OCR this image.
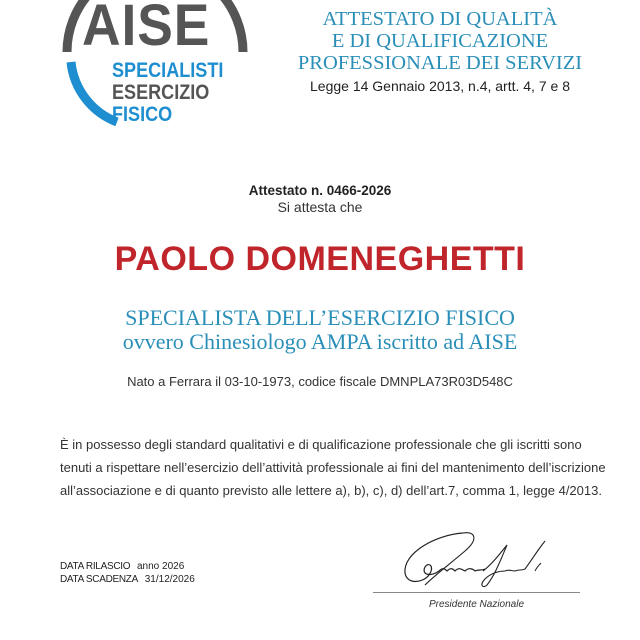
AISE
SPECIALISTI
ESERCIZIO
FISICO
ATTESTATO DI QUALITÀ
E DI QUALIFICAZIONE
PROFESSIONALE DEI SERVIZI
Legge 14 Gennaio 2013, n.4, artt. 4, 7 e 8
Attestato n. 0466-2026
Si attesta che
PAOLO DOMENEGHETTI
SPECIALISTA DELL’ESERCIZIO FISICO
ovvero Chinesiologo AMPA iscritto ad AISE
Nato a Ferrara il 03-10-1973, codice fiscale DMNPLA73R03D548C
È in possesso degli standard qualitativi e di qualificazione professionale che gli iscritti sono
tenuti a rispettare nell’esercizio dell’attività professionale ai fini del mantenimento dell’iscrizione
all’associazione e di quanto previsto alle lettere a), b), c), d) dell’art.7, comma 1, legge 4/2013.
DATA RILASCIO anno 2026
DATA SCADENZA 31/12/2026
Presidente Nazionale
